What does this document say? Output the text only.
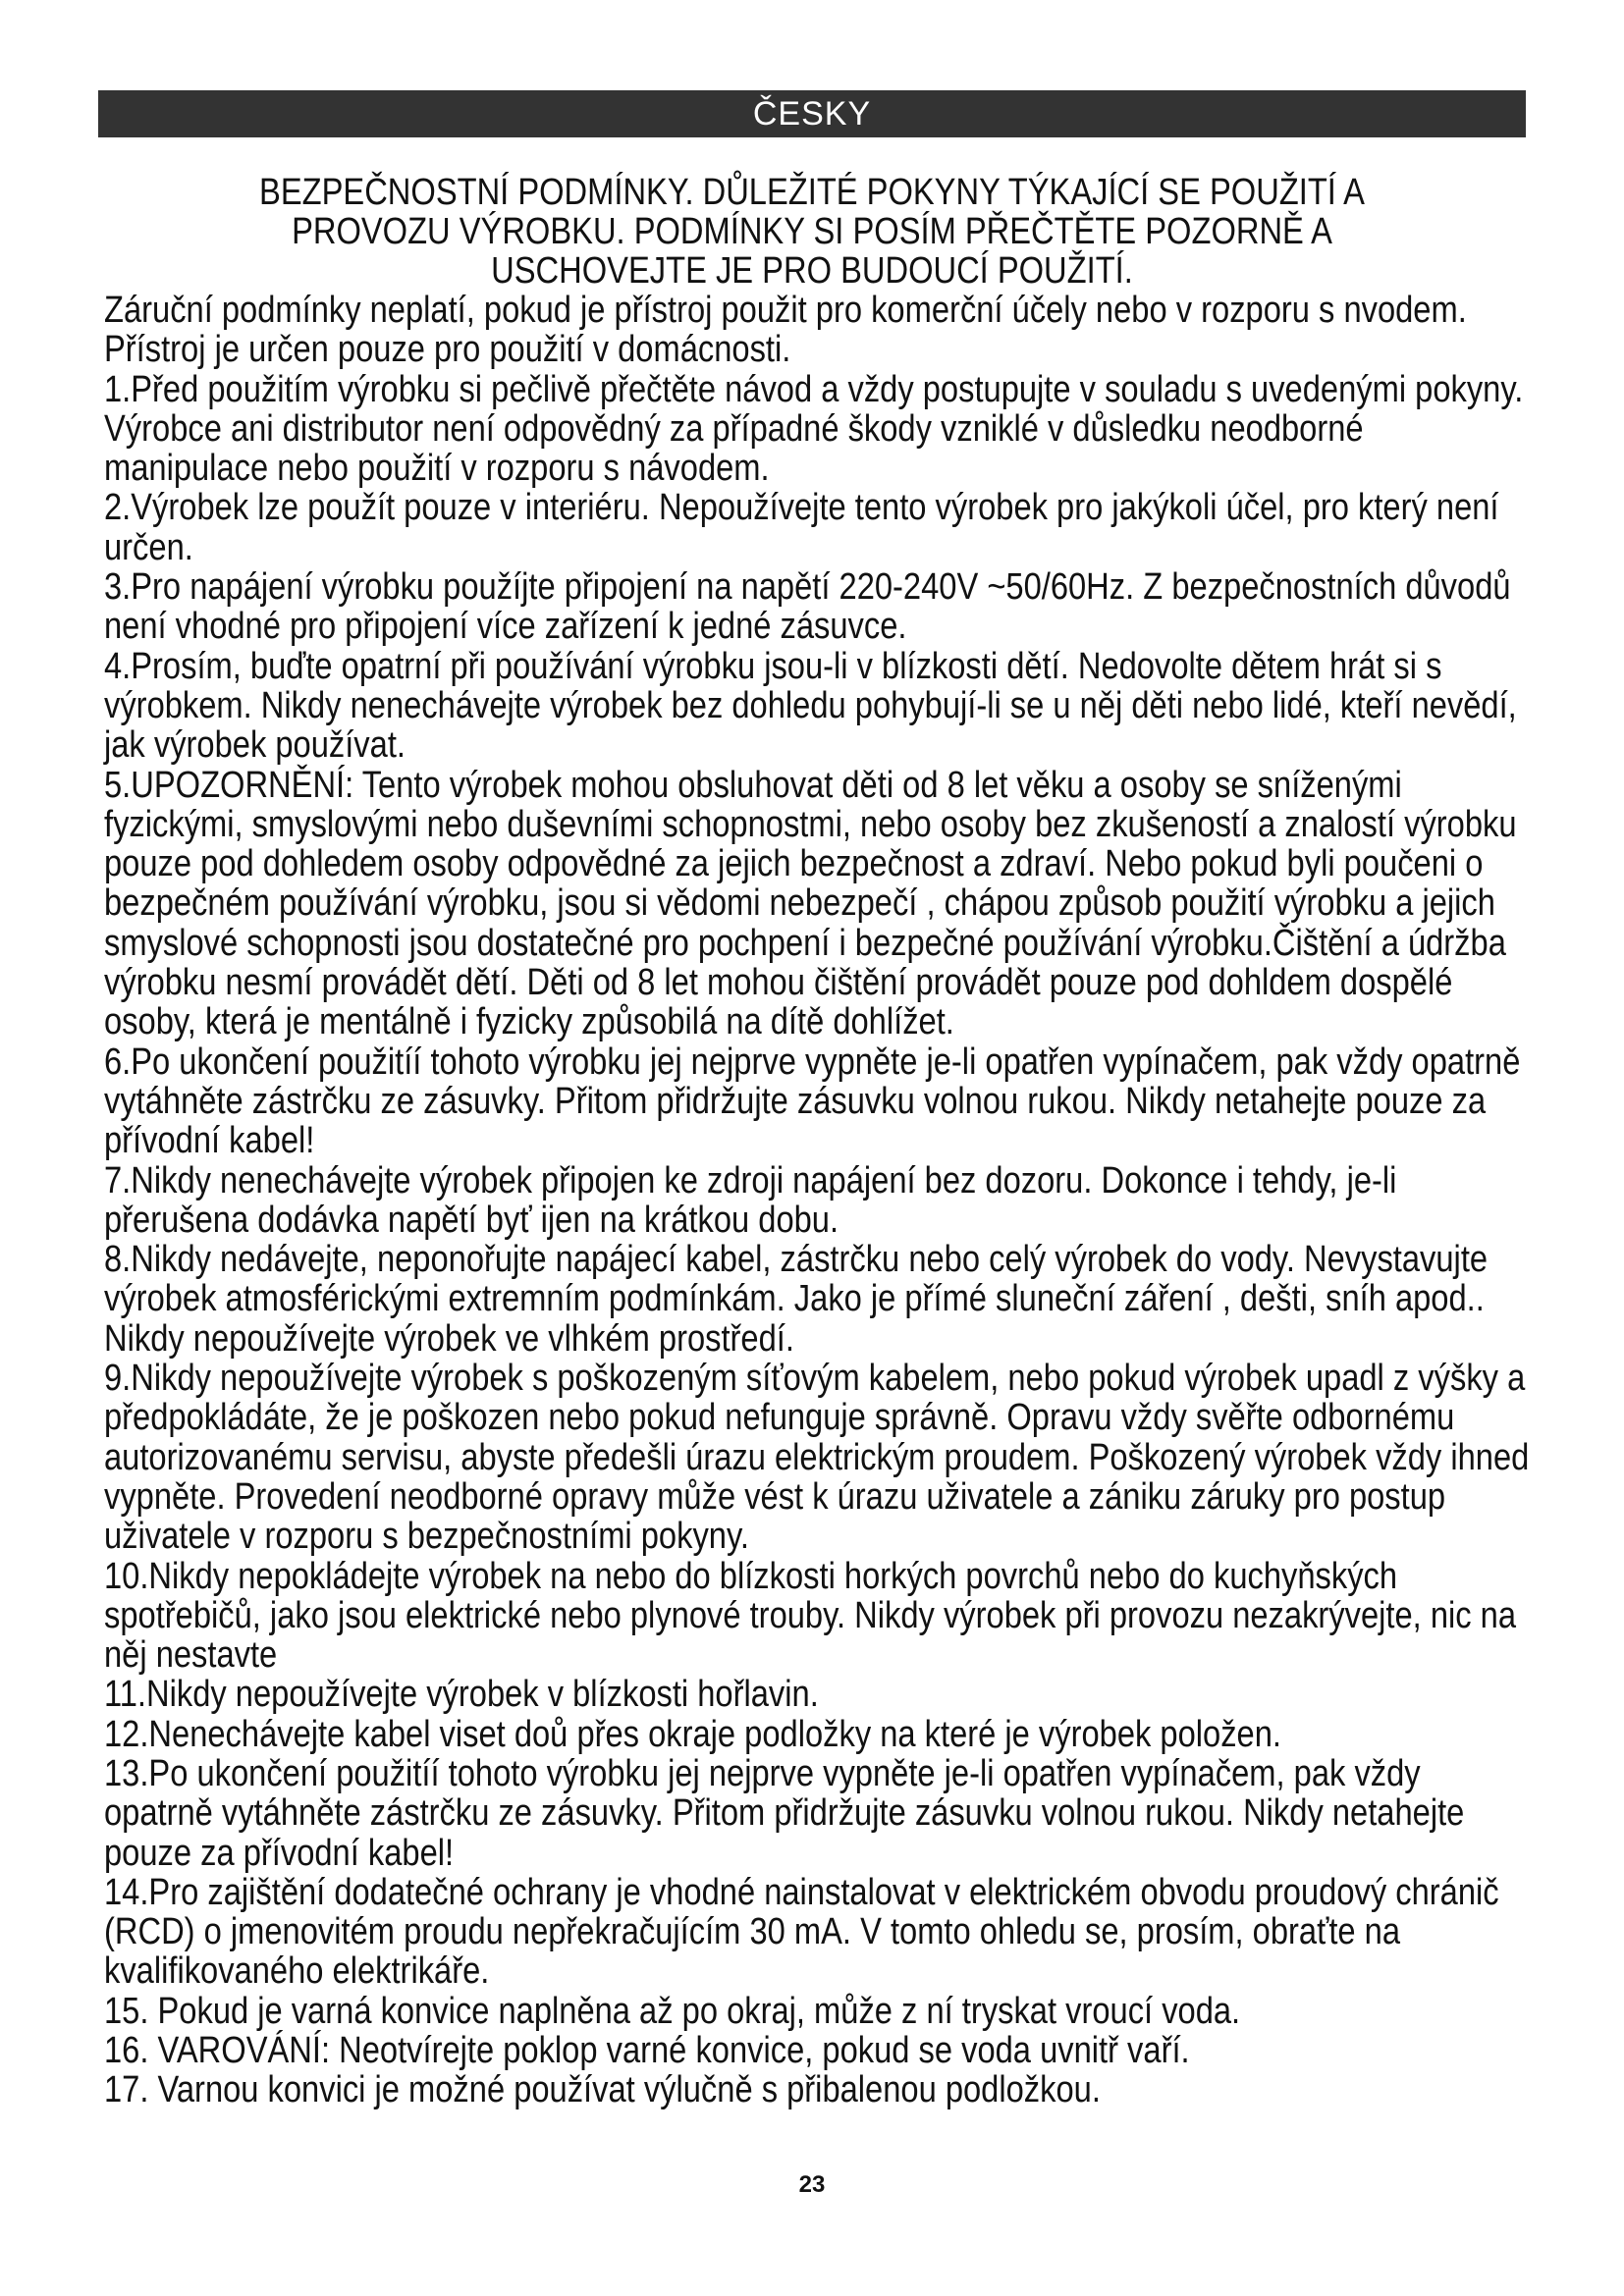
ČESKY
BEZPEČNOSTNÍ PODMÍNKY. DŮLEŽITÉ POKYNY TÝKAJÍCÍ SE POUŽITÍ A PROVOZU VÝROBKU. PODMÍNKY SI POSÍM PŘEČTĚTE POZORNĚ A USCHOVEJTE JE PRO BUDOUCÍ POUŽITÍ.

Záruční podmínky neplatí, pokud je přístroj použit pro komerční účely nebo v rozporu s nvodem. Přístroj je určen pouze pro použití v domácnosti.

1.Před použitím výrobku si pečlivě přečtěte návod a vždy postupujte v souladu s uvedenými pokyny. Výrobce ani distributor není odpovědný za případné škody vzniklé v důsledku neodborné manipulace nebo použití v rozporu s návodem.

2.Výrobek lze použít pouze v interiéru. Nepoužívejte tento výrobek pro jakýkoli účel, pro který není určen.

3.Pro napájení výrobku použíjte připojení na napětí 220-240V ~50/60Hz. Z bezpečnostních důvodů není vhodné pro připojení více zařízení k jedné zásuvce.

4.Prosím, buďte opatrní při používání výrobku jsou-li v blízkosti dětí. Nedovolte dětem hrát si s výrobkem. Nikdy nenechávejte výrobek bez dohledu pohybují-li se u něj děti nebo lidé, kteří nevědí, jak výrobek používat.

5.UPOZORNĚNÍ: Tento výrobek mohou obsluhovat děti od 8 let věku a osoby se sníženými fyzickými, smyslovými nebo duševními schopnostmi, nebo osoby bez zkušeností a znalostí výrobku pouze pod dohledem osoby odpovědné za jejich bezpečnost a zdraví. Nebo pokud byli poučeni o bezpečném používání výrobku, jsou si vědomi nebezpečí , chápou způsob použití výrobku a jejich smyslové schopnosti jsou dostatečné pro pochpení i bezpečné používání výrobku.Čištění a údržba výrobku nesmí provádět dětí. Děti od 8 let mohou čištění provádět pouze pod dohldem dospělé osoby, která je mentálně i fyzicky způsobilá na dítě dohlížet.

6.Po ukončení použitíí tohoto výrobku jej nejprve vypněte je-li opatřen vypínačem, pak vždy opatrně vytáhněte zástrčku ze zásuvky. Přitom přidržujte zásuvku volnou rukou. Nikdy netahejte pouze za přívodní kabel!

7.Nikdy nenechávejte výrobek připojen ke zdroji napájení bez dozoru. Dokonce i tehdy, je-li přerušena dodávka napětí byť ijen na krátkou dobu.

8.Nikdy nedávejte, neponořujte napájecí kabel, zástrčku nebo celý výrobek do vody. Nevystavujte výrobek atmosférickými extremním podmínkám. Jako je přímé sluneční záření , dešti, sníh apod.. Nikdy nepoužívejte výrobek ve vlhkém prostředí.

9.Nikdy nepoužívejte výrobek s poškozeným síťovým kabelem, nebo pokud výrobek upadl z výšky a předpokládáte, že je poškozen nebo pokud nefunguje správně. Opravu vždy svěřte odbornému autorizovanému servisu, abyste předešli úrazu elektrickým proudem. Poškozený výrobek vždy ihned vypněte. Provedení neodborné opravy může vést k úrazu uživatele a zániku záruky pro postup uživatele v rozporu s bezpečnostními pokyny.

10.Nikdy nepokládejte výrobek na nebo do blízkosti horkých povrchů nebo do kuchyňských spotřebičů, jako jsou elektrické nebo plynové trouby. Nikdy výrobek při provozu nezakrývejte, nic na něj nestavte

11.Nikdy nepoužívejte výrobek v blízkosti hořlavin.

12.Nenechávejte kabel viset doů přes okraje podložky na které je výrobek položen.

13.Po ukončení použitíí tohoto výrobku jej nejprve vypněte je-li opatřen vypínačem, pak vždy opatrně vytáhněte zástrčku ze zásuvky. Přitom přidržujte zásuvku volnou rukou. Nikdy netahejte pouze za přívodní kabel!

14.Pro zajištění dodatečné ochrany je vhodné nainstalovat v elektrickém obvodu proudový chránič (RCD) o jmenovitém proudu nepřekračujícím 30 mA. V tomto ohledu se, prosím, obraťte na kvalifikovaného elektrikáře.

15. Pokud je varná konvice naplněna až po okraj, může z ní tryskat vroucí voda.

16. VAROVÁNÍ: Neotvírejte poklop varné konvice, pokud se voda uvnitř vaří.

17. Varnou konvici je možné používat výlučně s přibalenou podložkou.

23
